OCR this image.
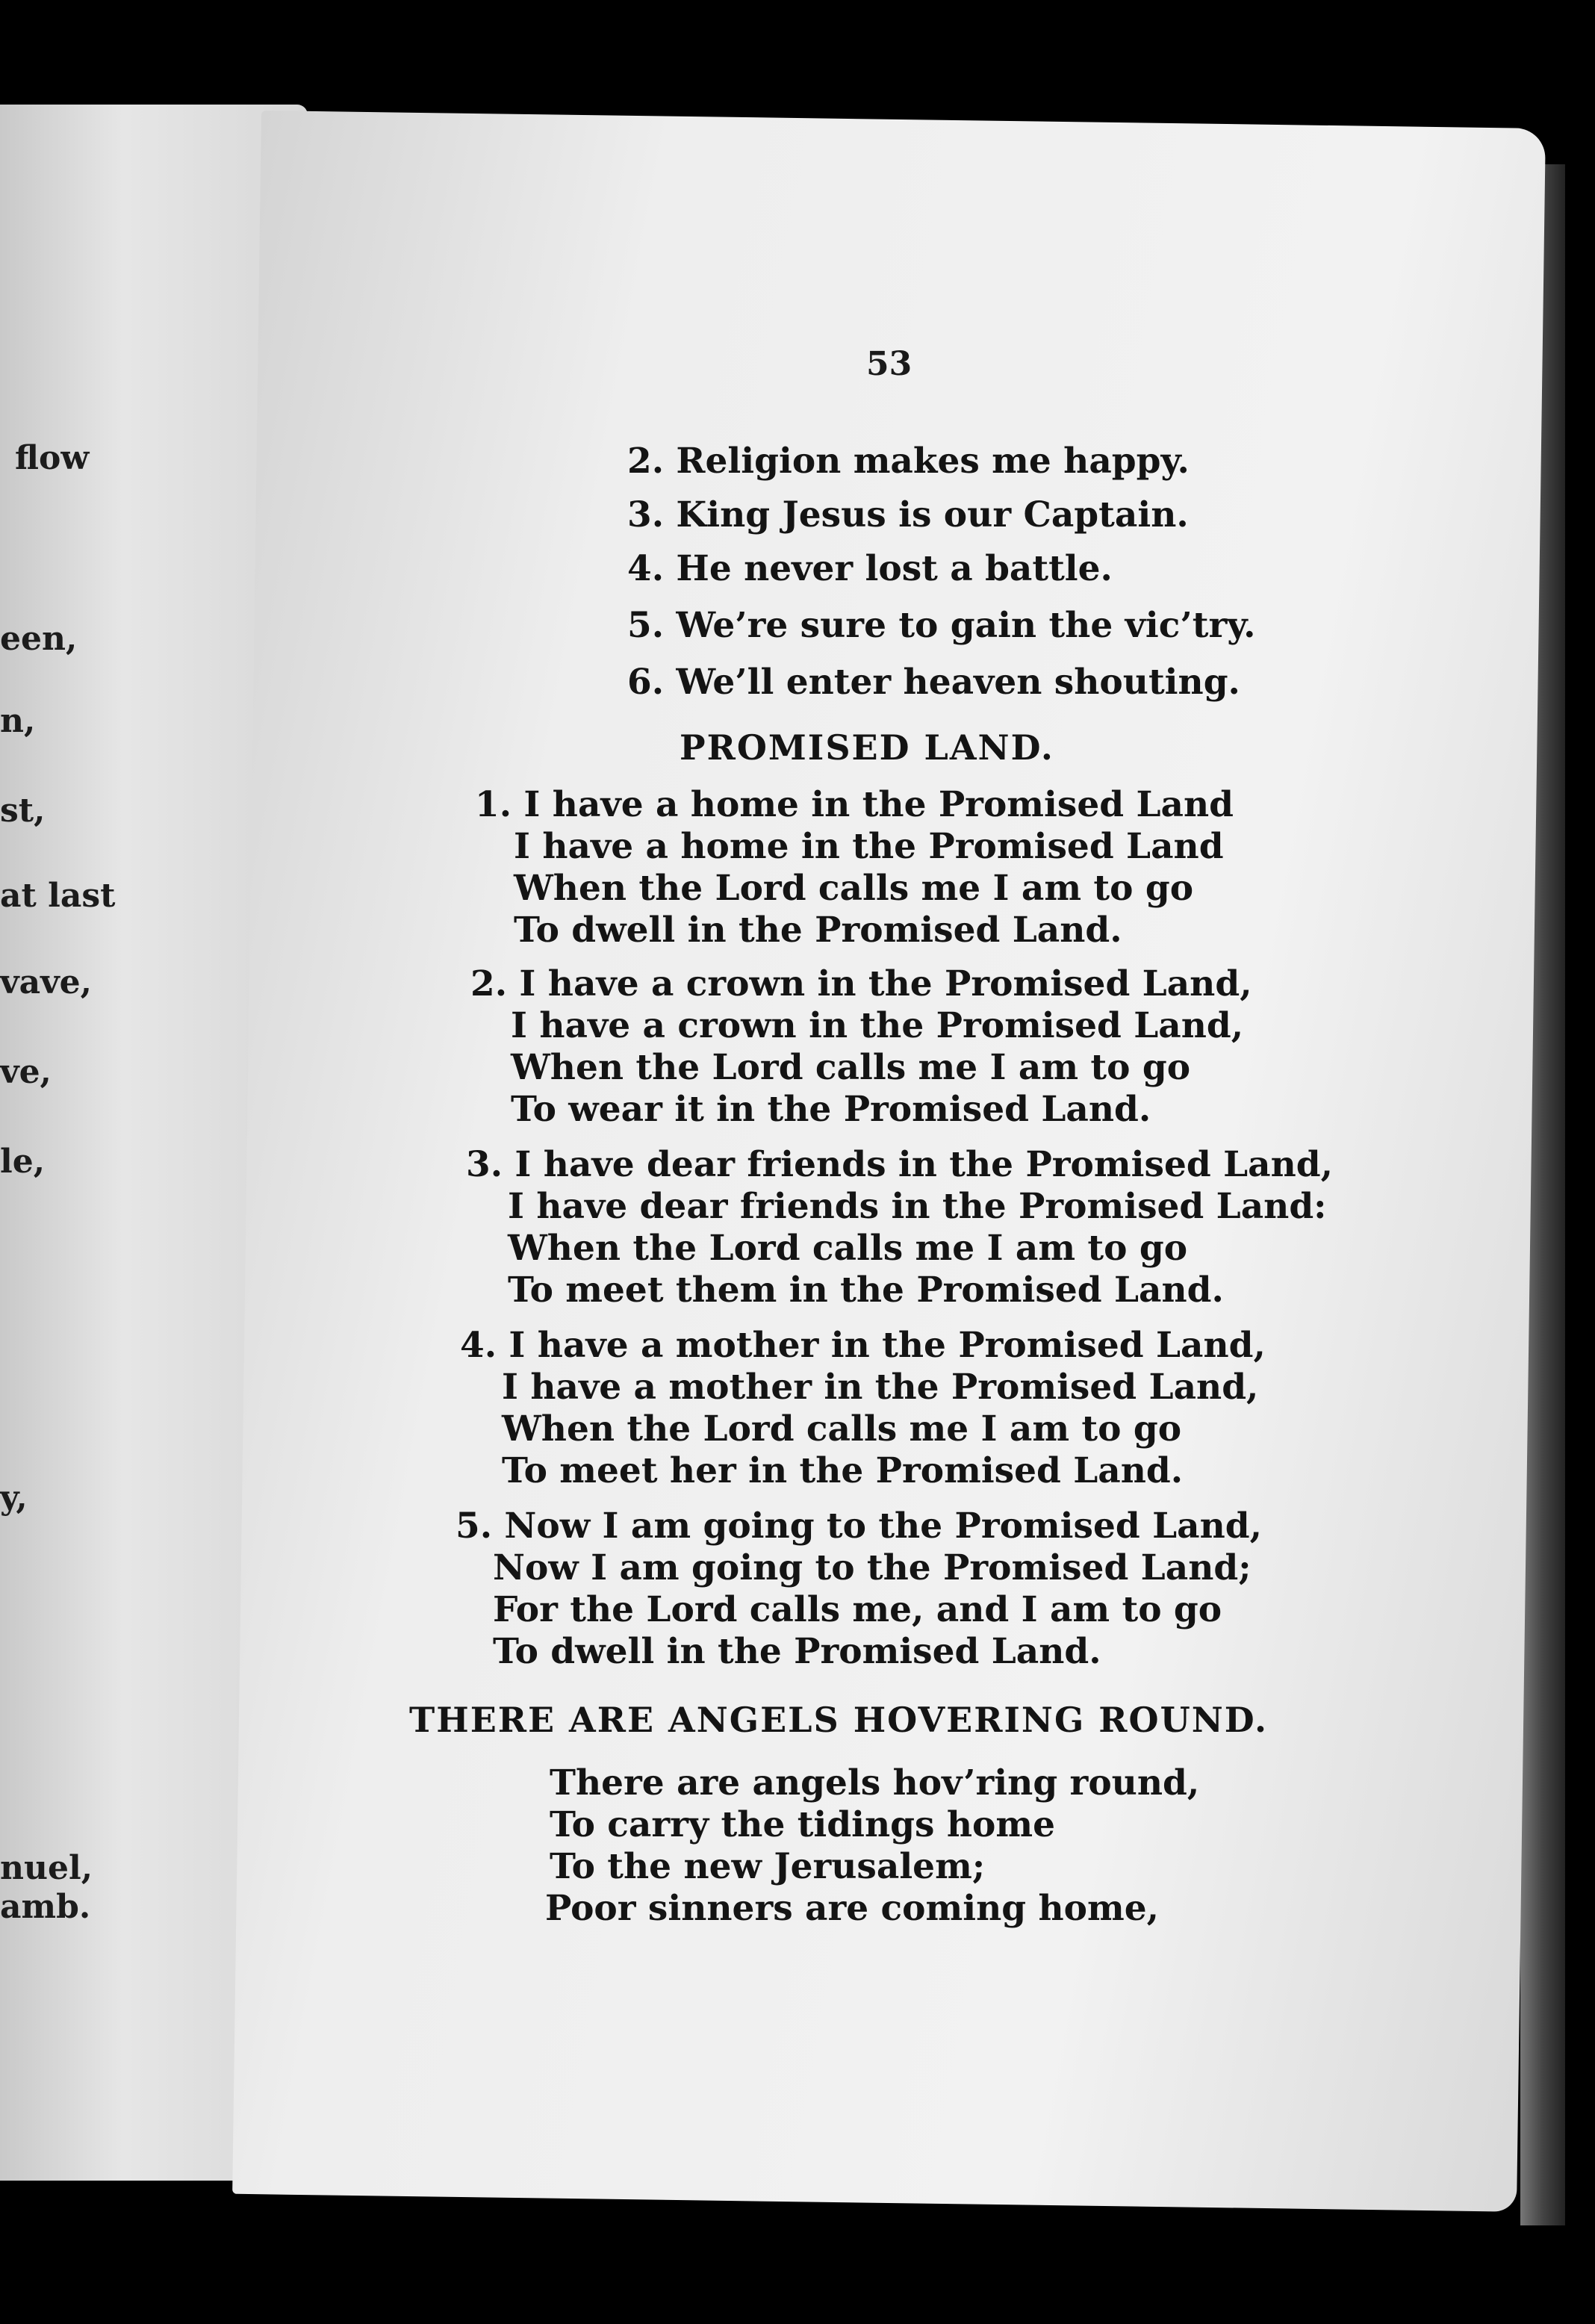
flow
een,
n,
st,
at last
vave,
ve,
le,
y,
nuel,
amb.
53
2. Religion makes me happy.
3. King Jesus is our Captain.
4. He never lost a battle.
5. We’re sure to gain the vic’try.
6. We’ll enter heaven shouting.
PROMISED LAND.
1. I have a home in the Promised Land
I have a home in the Promised Land
When the Lord calls me I am to go
To dwell in the Promised Land.
2. I have a crown in the Promised Land,
I have a crown in the Promised Land,
When the Lord calls me I am to go
To wear it in the Promised Land.
3. I have dear friends in the Promised Land,
I have dear friends in the Promised Land:
When the Lord calls me I am to go
To meet them in the Promised Land.
4. I have a mother in the Promised Land,
I have a mother in the Promised Land,
When the Lord calls me I am to go
To meet her in the Promised Land.
5. Now I am going to the Promised Land,
Now I am going to the Promised Land;
For the Lord calls me, and I am to go
To dwell in the Promised Land.
THERE ARE ANGELS HOVERING ROUND.
There are angels hov’ring round,
To carry the tidings home
To the new Jerusalem;
Poor sinners are coming home,
